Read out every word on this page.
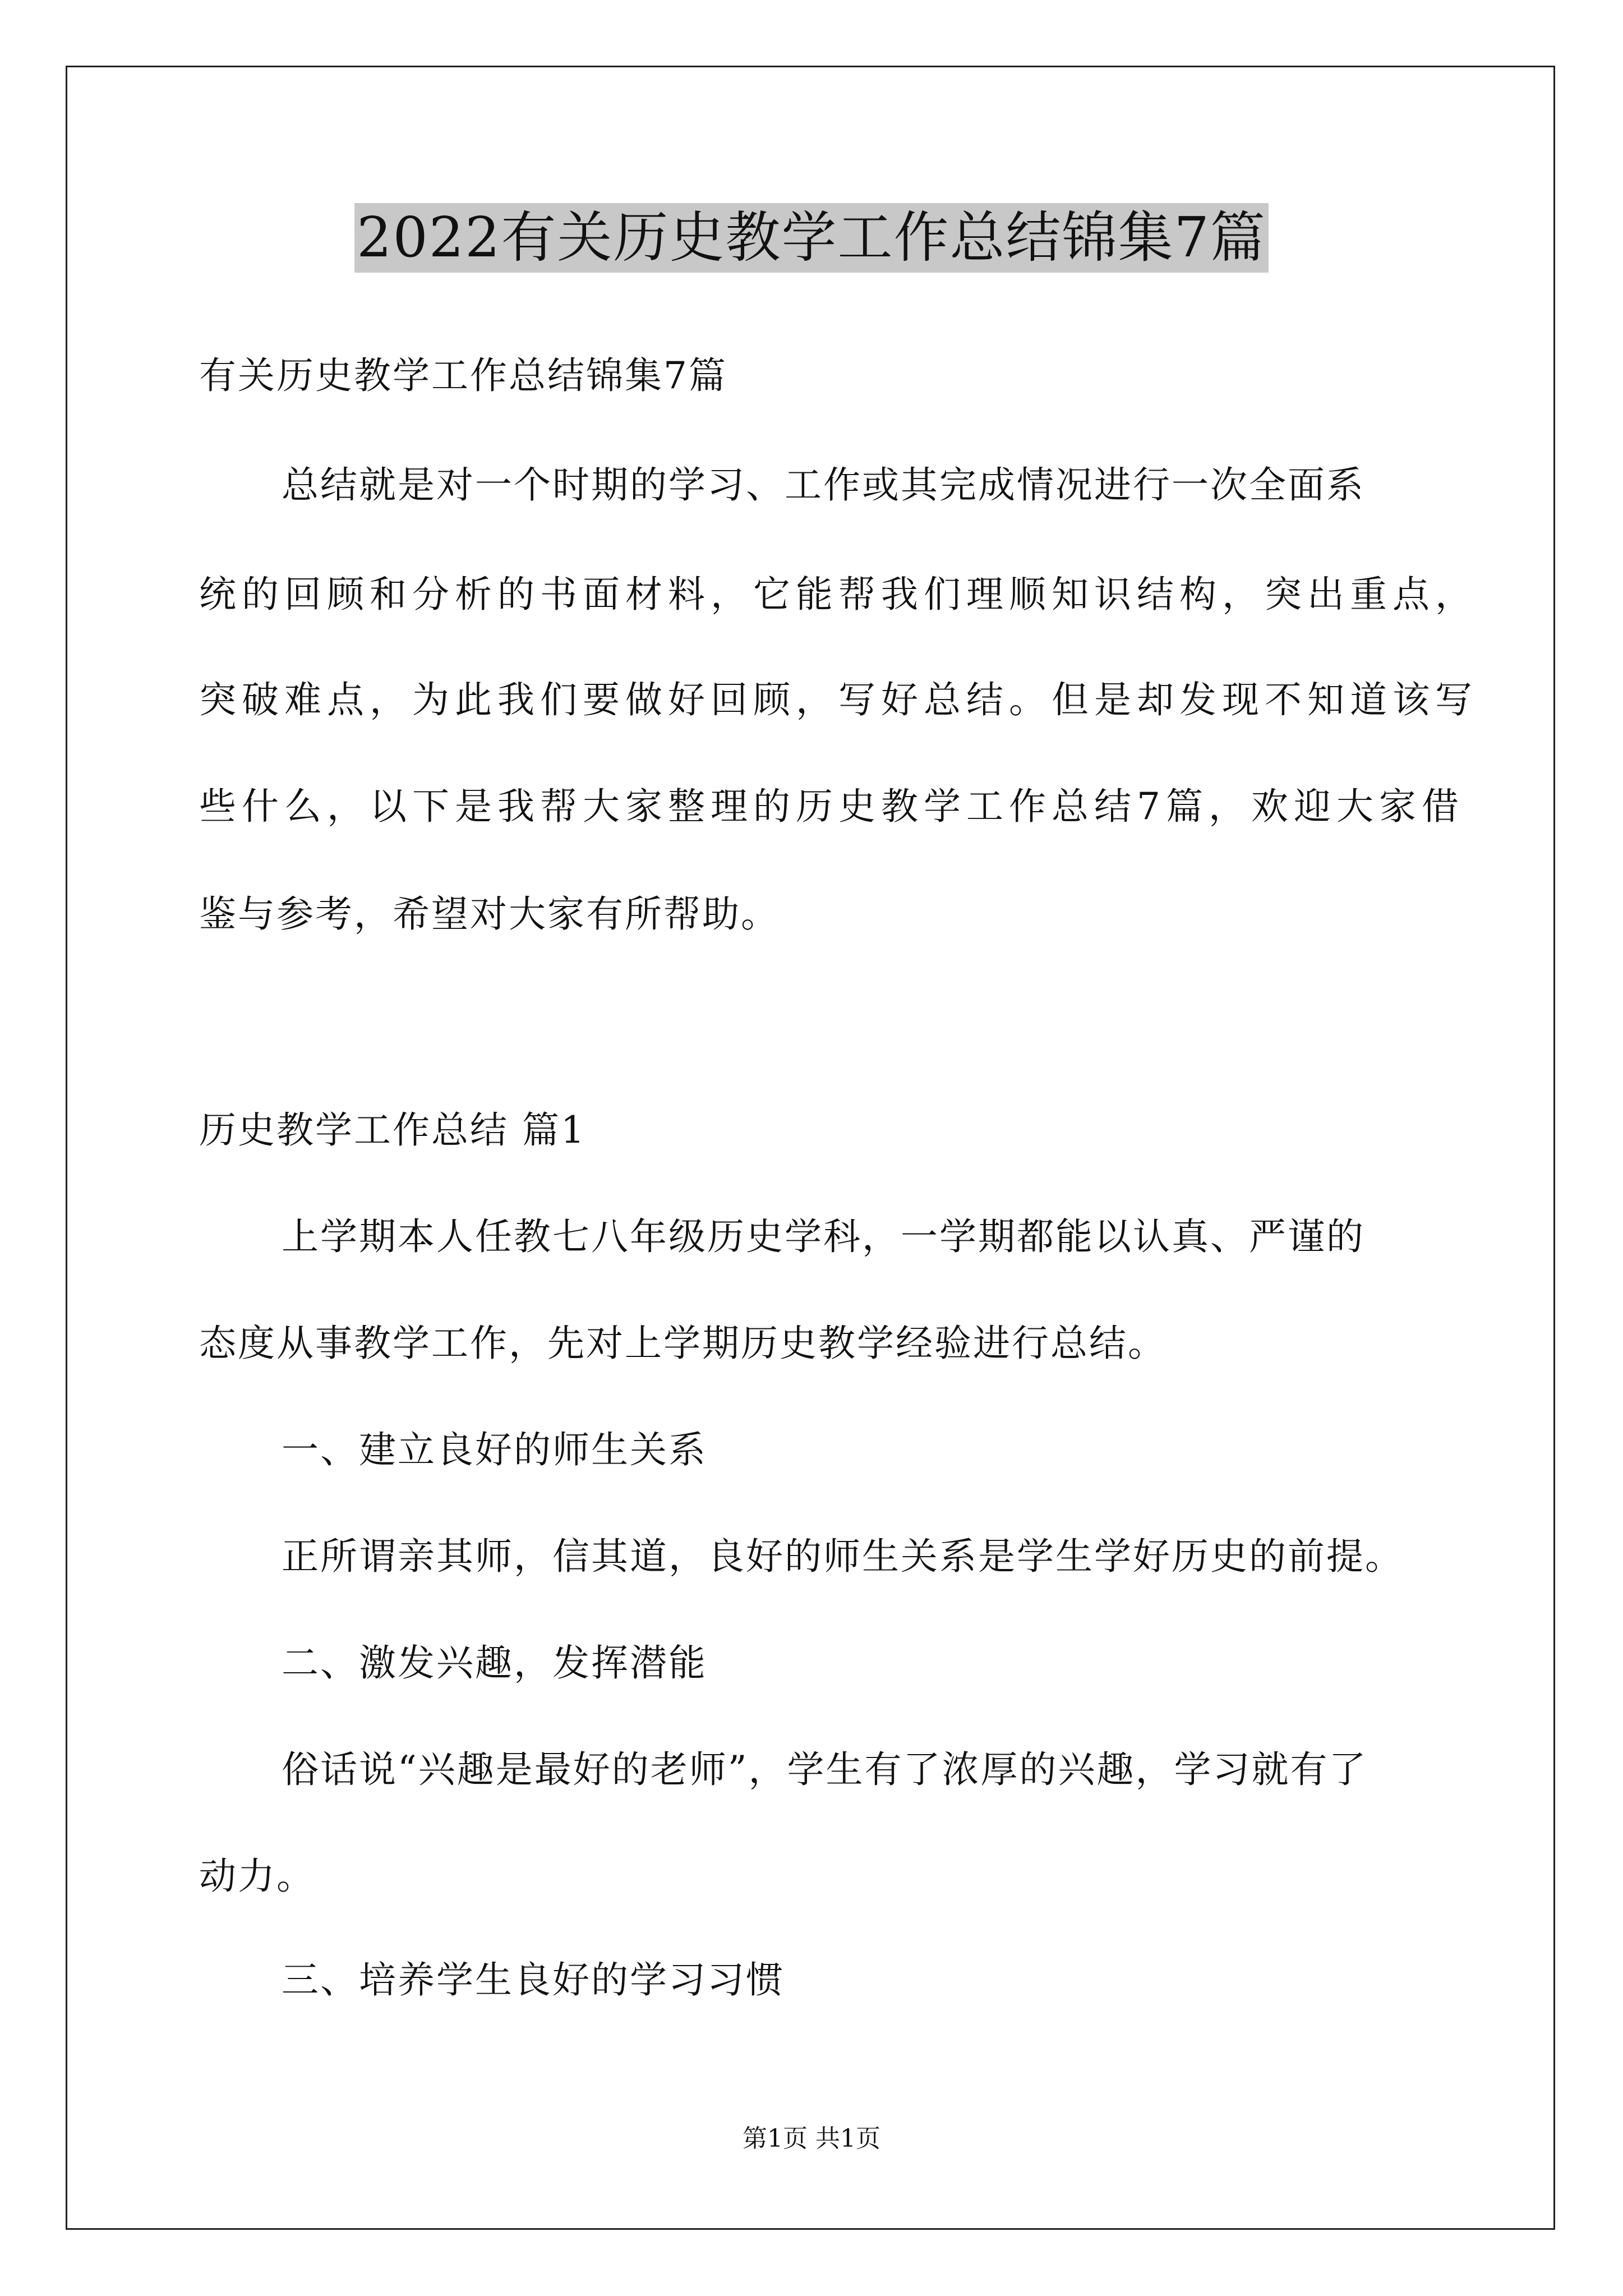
2022有关历史教学工作总结锦集7篇
有关历史教学工作总结锦集7篇
总结就是对一个时期的学习、工作或其完成情况进行一次全面系
统的回顾和分析的书面材料，它能帮我们理顺知识结构，突出重点，
突破难点，为此我们要做好回顾，写好总结。但是却发现不知道该写
些什么，以下是我帮大家整理的历史教学工作总结7篇，欢迎大家借
鉴与参考，希望对大家有所帮助。
历史教学工作总结 篇1
上学期本人任教七八年级历史学科，一学期都能以认真、严谨的
态度从事教学工作，先对上学期历史教学经验进行总结。
一、建立良好的师生关系
正所谓亲其师，信其道，良好的师生关系是学生学好历史的前提。
二、激发兴趣，发挥潜能
俗话说“兴趣是最好的老师”，学生有了浓厚的兴趣，学习就有了
动力。
三、培养学生良好的学习习惯
第1页 共1页
